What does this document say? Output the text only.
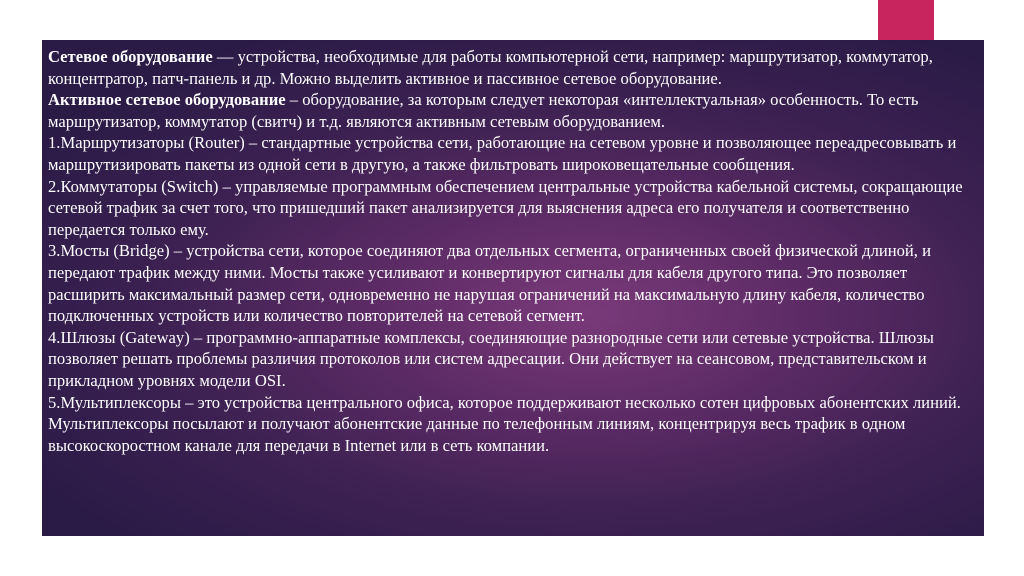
Сетевое оборудование — устройства, необходимые для работы компьютерной сети, например: маршрутизатор, коммутатор, концентратор, патч-панель и др. Можно выделить активное и пассивное сетевое оборудование.

Активное сетевое оборудование – оборудование, за которым следует некоторая «интеллектуальная» особенность. То есть маршрутизатор, коммутатор (свитч) и т.д. являются активным сетевым оборудованием.

1.Маршрутизаторы (Router) – стандартные устройства сети, работающие на сетевом уровне и позволяющее переадресовывать и маршрутизировать пакеты из одной сети в другую, а также фильтровать широковещательные сообщения.

2.Коммутаторы (Switch) – управляемые программным обеспечением центральные устройства кабельной системы, сокращающие сетевой трафик за счет того, что пришедший пакет анализируется для выяснения адреса его получателя и соответственно передается только ему.

3.Мосты (Bridge) – устройства сети, которое соединяют два отдельных сегмента, ограниченных своей физической длиной, и передают трафик между ними. Мосты также усиливают и конвертируют сигналы для кабеля другого типа. Это позволяет расширить максимальный размер сети, одновременно не нарушая ограничений на максимальную длину кабеля, количество подключенных устройств или количество повторителей на сетевой сегмент.

4.Шлюзы (Gateway) – программно-аппаратные комплексы, соединяющие разнородные сети или сетевые устройства. Шлюзы позволяет решать проблемы различия протоколов или систем адресации. Они действует на сеансовом, представительском и прикладном уровнях модели OSI.

5.Мультиплексоры – это устройства центрального офиса, которое поддерживают несколько сотен цифровых абонентских линий. Мультиплексоры посылают и получают абонентские данные по телефонным линиям, концентрируя весь трафик в одном высокоскоростном канале для передачи в Internet или в сеть компании.
